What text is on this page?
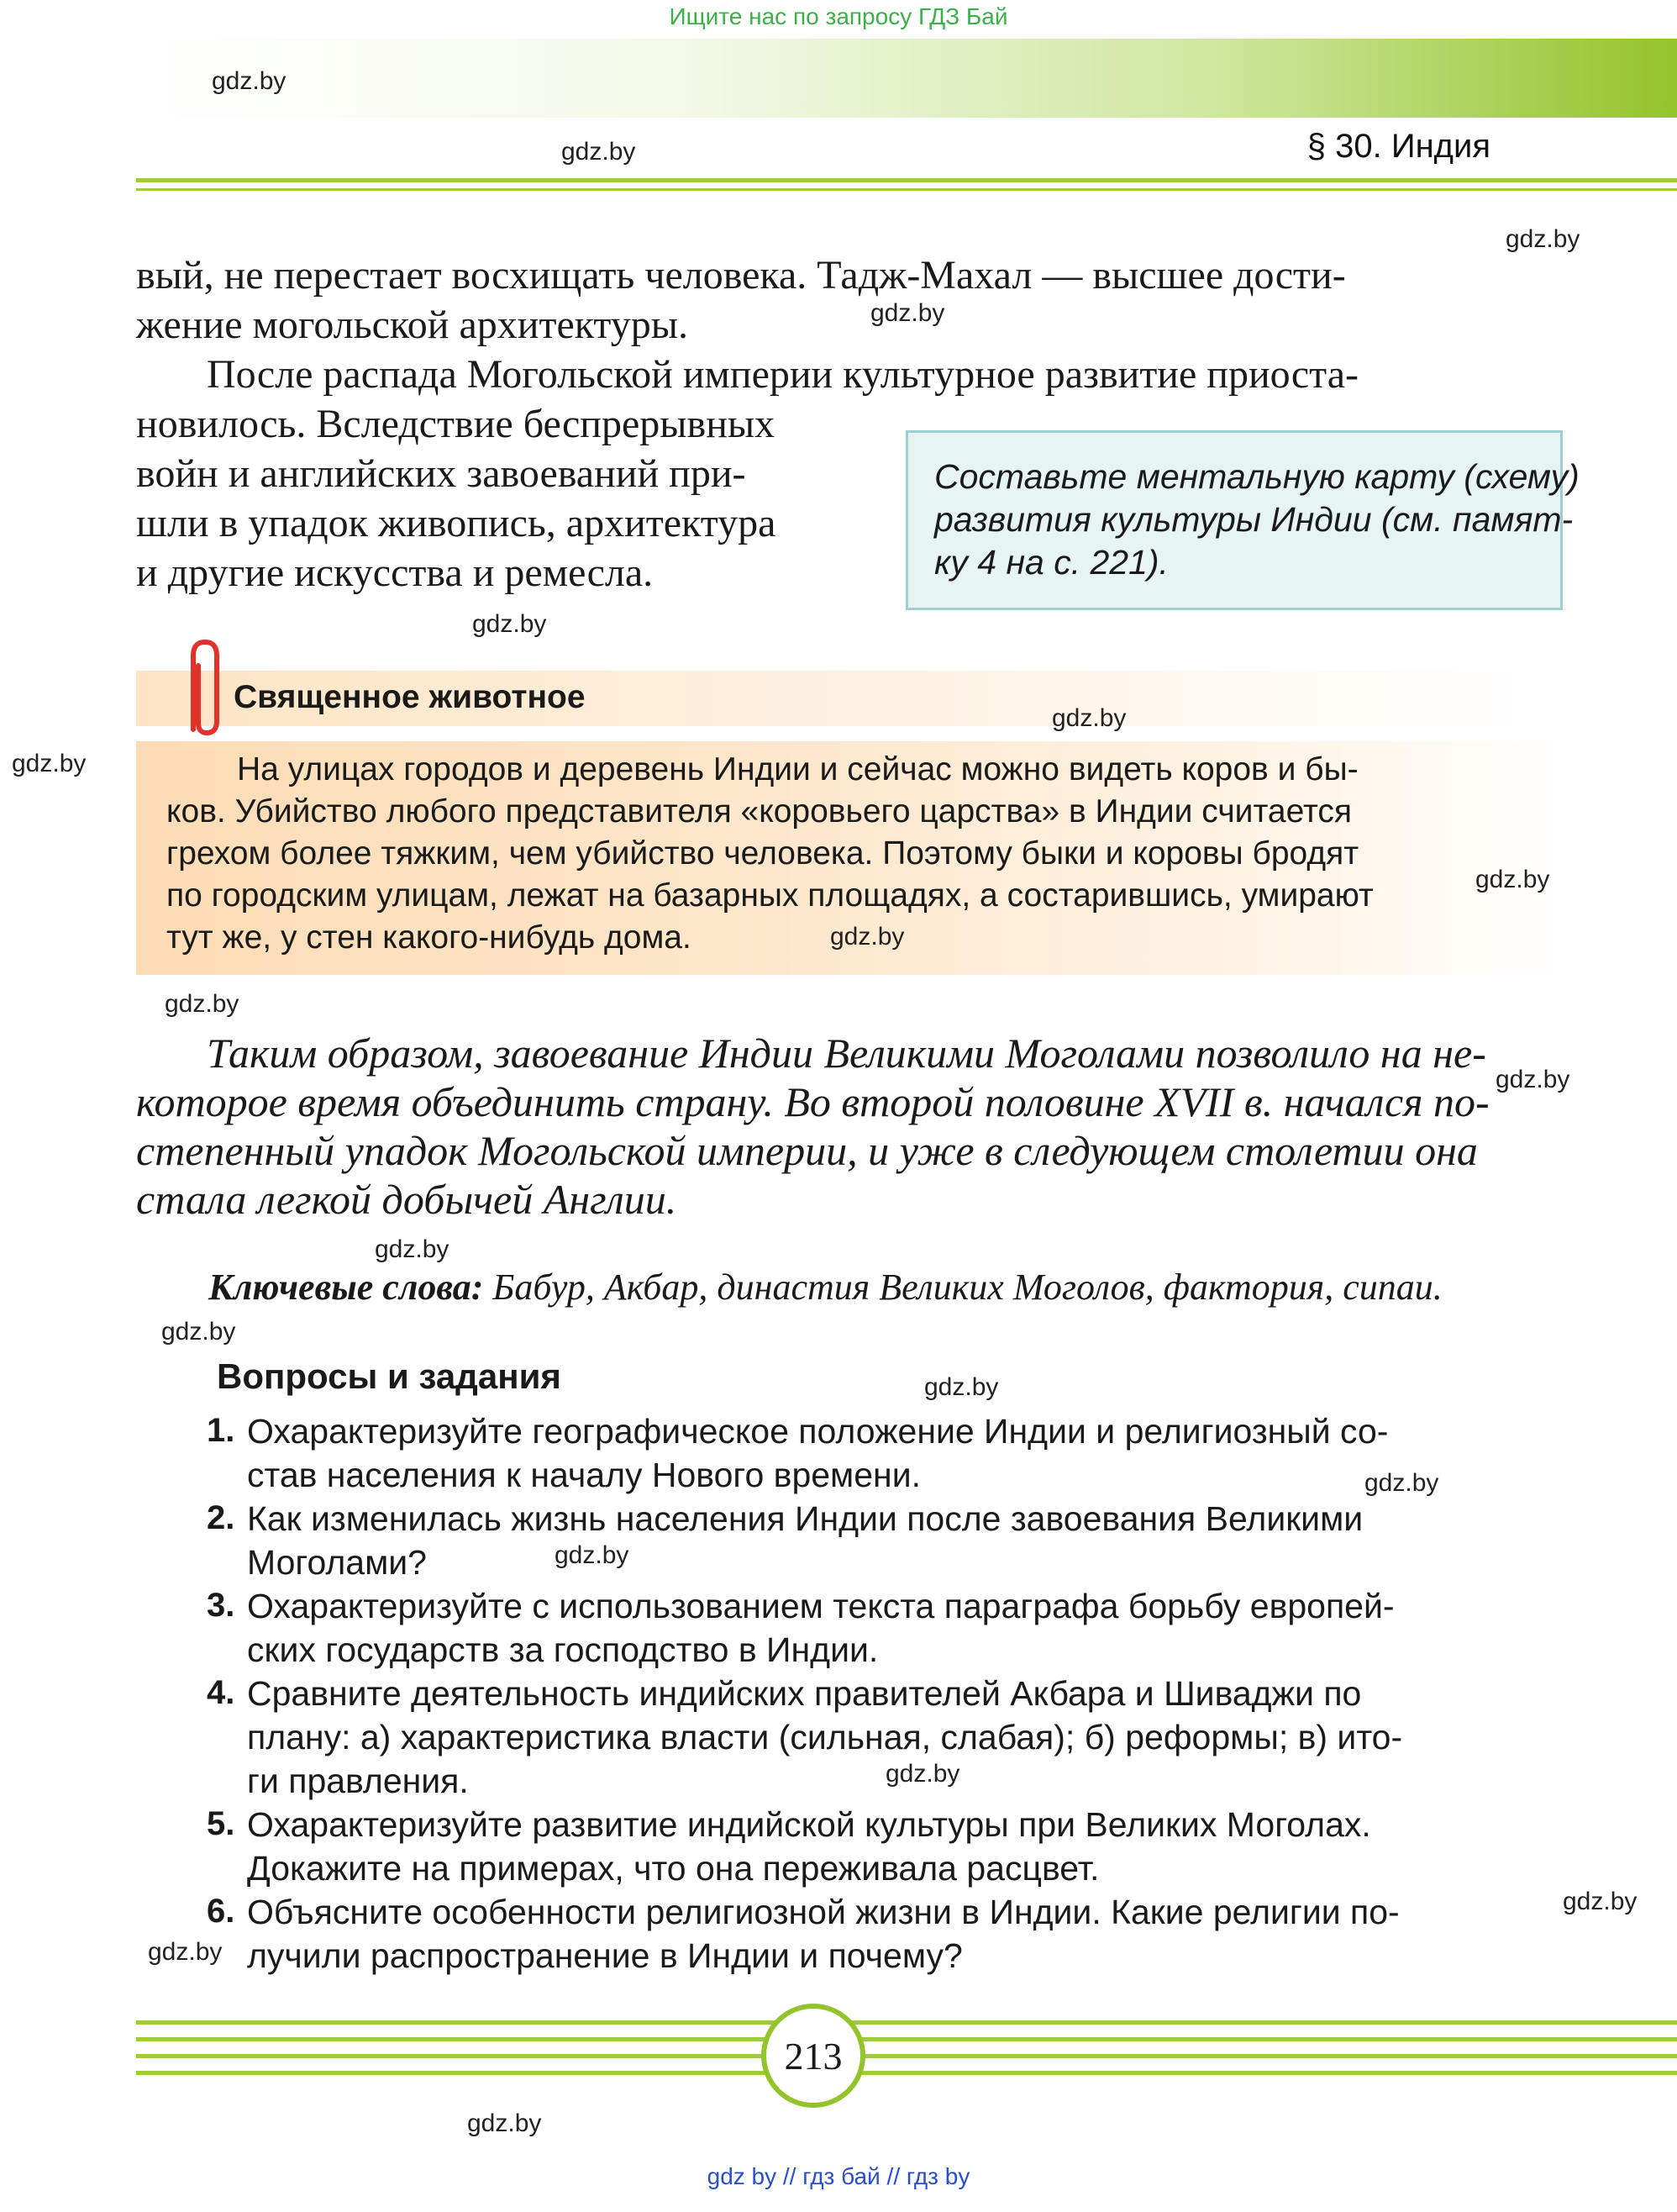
Ищите нас по запросу ГДЗ Бай
gdz.by
gdz.by	§ 30. Индия
gdz.by
вый, не перестает восхищать человека. Тадж-Махал — высшее дости-
жение могольской архитектуры.	gdz.by
После распада Могольской империи культурное развитие приоста-
новилось. Вследствие беспрерывных
войн и английских завоеваний при-
шли в упадок живопись, архитектура
и другие искусства и ремесла.
Составьте ментальную карту (схему)
развития культуры Индии (см. памят-
ку 4 на с. 221).
gdz.by
Священное животное
gdz.by
gdz.by	На улицах городов и деревень Индии и сейчас можно видеть коров и бы-
ков. Убийство любого представителя «коровьего царства» в Индии считается
грехом более тяжким, чем убийство человека. Поэтому быки и коровы бродят
по городским улицам, лежат на базарных площадях, а состарившись, умирают
тут же, у стен какого-нибудь дома.
gdz.by
gdz.by
gdz.by
Таким образом, завоевание Индии Великими Моголами позволило на не-
которое время объединить страну. Во второй половине XVII в. начался по-
степенный упадок Могольской империи, и уже в следующем столетии она
стала легкой добычей Англии.
gdz.by
gdz.by
Ключевые слова: Бабур, Акбар, династия Великих Моголов, фактория, сипаи.
gdz.by
Вопросы и задания	gdz.by
1. Охарактеризуйте географическое положение Индии и религиозный со-
став населения к началу Нового времени.	gdz.by
2. Как изменилась жизнь населения Индии после завоевания Великими
Моголами?	gdz.by
3. Охарактеризуйте с использованием текста параграфа борьбу европей-
ских государств за господство в Индии.
4. Сравните деятельность индийских правителей Акбара и Шиваджи по
плану: а) характеристика власти (сильная, слабая); б) реформы; в) ито-
ги правления.	gdz.by
5. Охарактеризуйте развитие индийской культуры при Великих Моголах.
Докажите на примерах, что она переживала расцвет.
6. Объясните особенности религиозной жизни в Индии. Какие религии по-
лучили распространение в Индии и почему?
gdz.by
gdz.by
213
gdz.by
gdz by // гдз бай // гдз by
